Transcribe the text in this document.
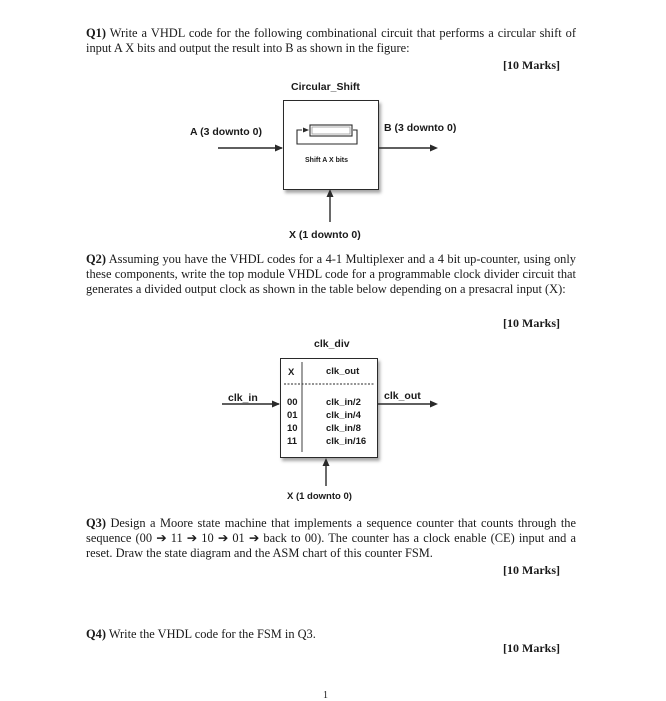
Q1) Write a VHDL code for the following combinational circuit that performs a circular shift of input A X bits and output the result into B as shown in the figure:
[10 Marks]
Circular_Shift
A (3 downto 0)	B (3 downto 0)
Shift A X bits
X (1 downto 0)
Q2) Assuming you have the VHDL codes for a 4-1 Multiplexer and a 4 bit up-counter, using only these components, write the top module VHDL code for a programmable clock divider circuit that generates a divided output clock as shown in the table below depending on a presacral input (X):
[10 Marks]
clk_div
clk_in	clk_out
X	clk_out
00	clk_in/2
01	clk_in/4
10	clk_in/8
11	clk_in/16
X (1 downto 0)
Q3) Design a Moore state machine that implements a sequence counter that counts through the sequence (00 ➔ 11 ➔ 10 ➔ 01 ➔ back to 00). The counter has a clock enable (CE) input and a reset. Draw the state diagram and the ASM chart of this counter FSM.
[10 Marks]
Q4) Write the VHDL code for the FSM in Q3.
[10 Marks]
1
